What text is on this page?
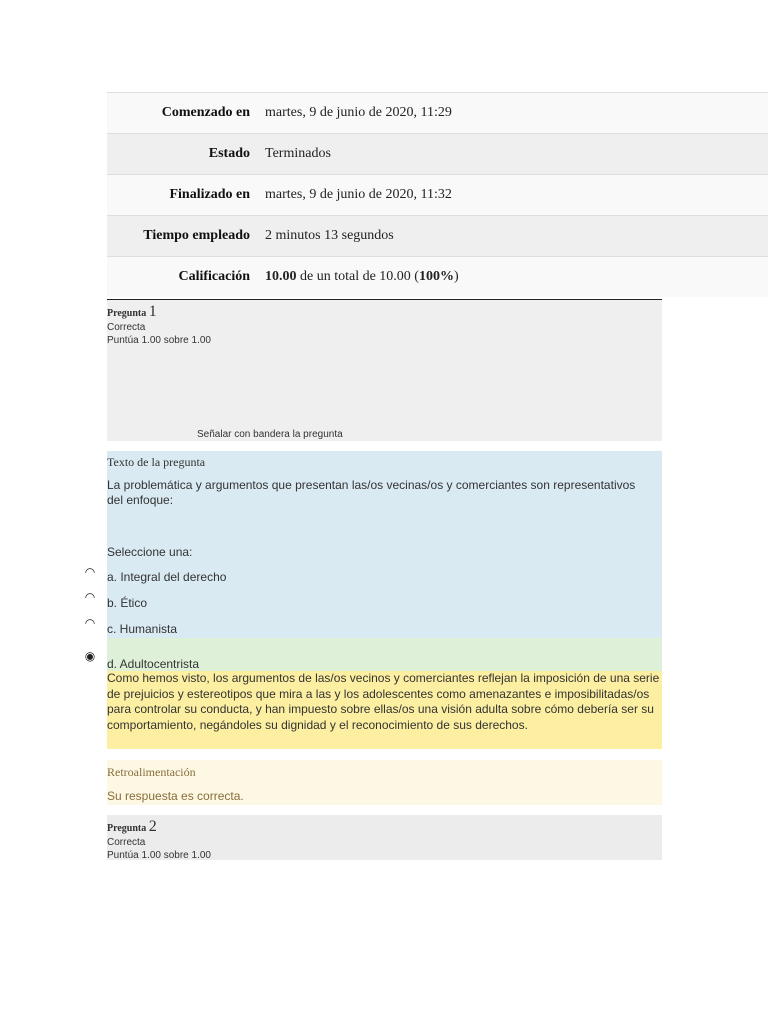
Comenzado en	martes, 9 de junio de 2020, 11:29
Estado	Terminados
Finalizado en	martes, 9 de junio de 2020, 11:32
Tiempo empleado	2 minutos 13 segundos
Calificación	10.00 de un total de 10.00 (100%)
Pregunta 1
Correcta
Puntúa 1.00 sobre 1.00
Señalar con bandera la pregunta
Texto de la pregunta
La problemática y argumentos que presentan las/os vecinas/os y comerciantes son representativos del enfoque:
Seleccione una:
a. Integral del derecho
b. Ético
c. Humanista
◠
◠
◠
◉
d. Adultocentrista
Como hemos visto, los argumentos de las/os vecinos y comerciantes reflejan la imposición de una serie de prejuicios y estereotipos que mira a las y los adolescentes como amenazantes e imposibilitadas/os para controlar su conducta, y han impuesto sobre ellas/os una visión adulta sobre cómo debería ser su comportamiento, negándoles su dignidad y el reconocimiento de sus derechos.
Retroalimentación
Su respuesta es correcta.
Pregunta 2
Correcta
Puntúa 1.00 sobre 1.00
